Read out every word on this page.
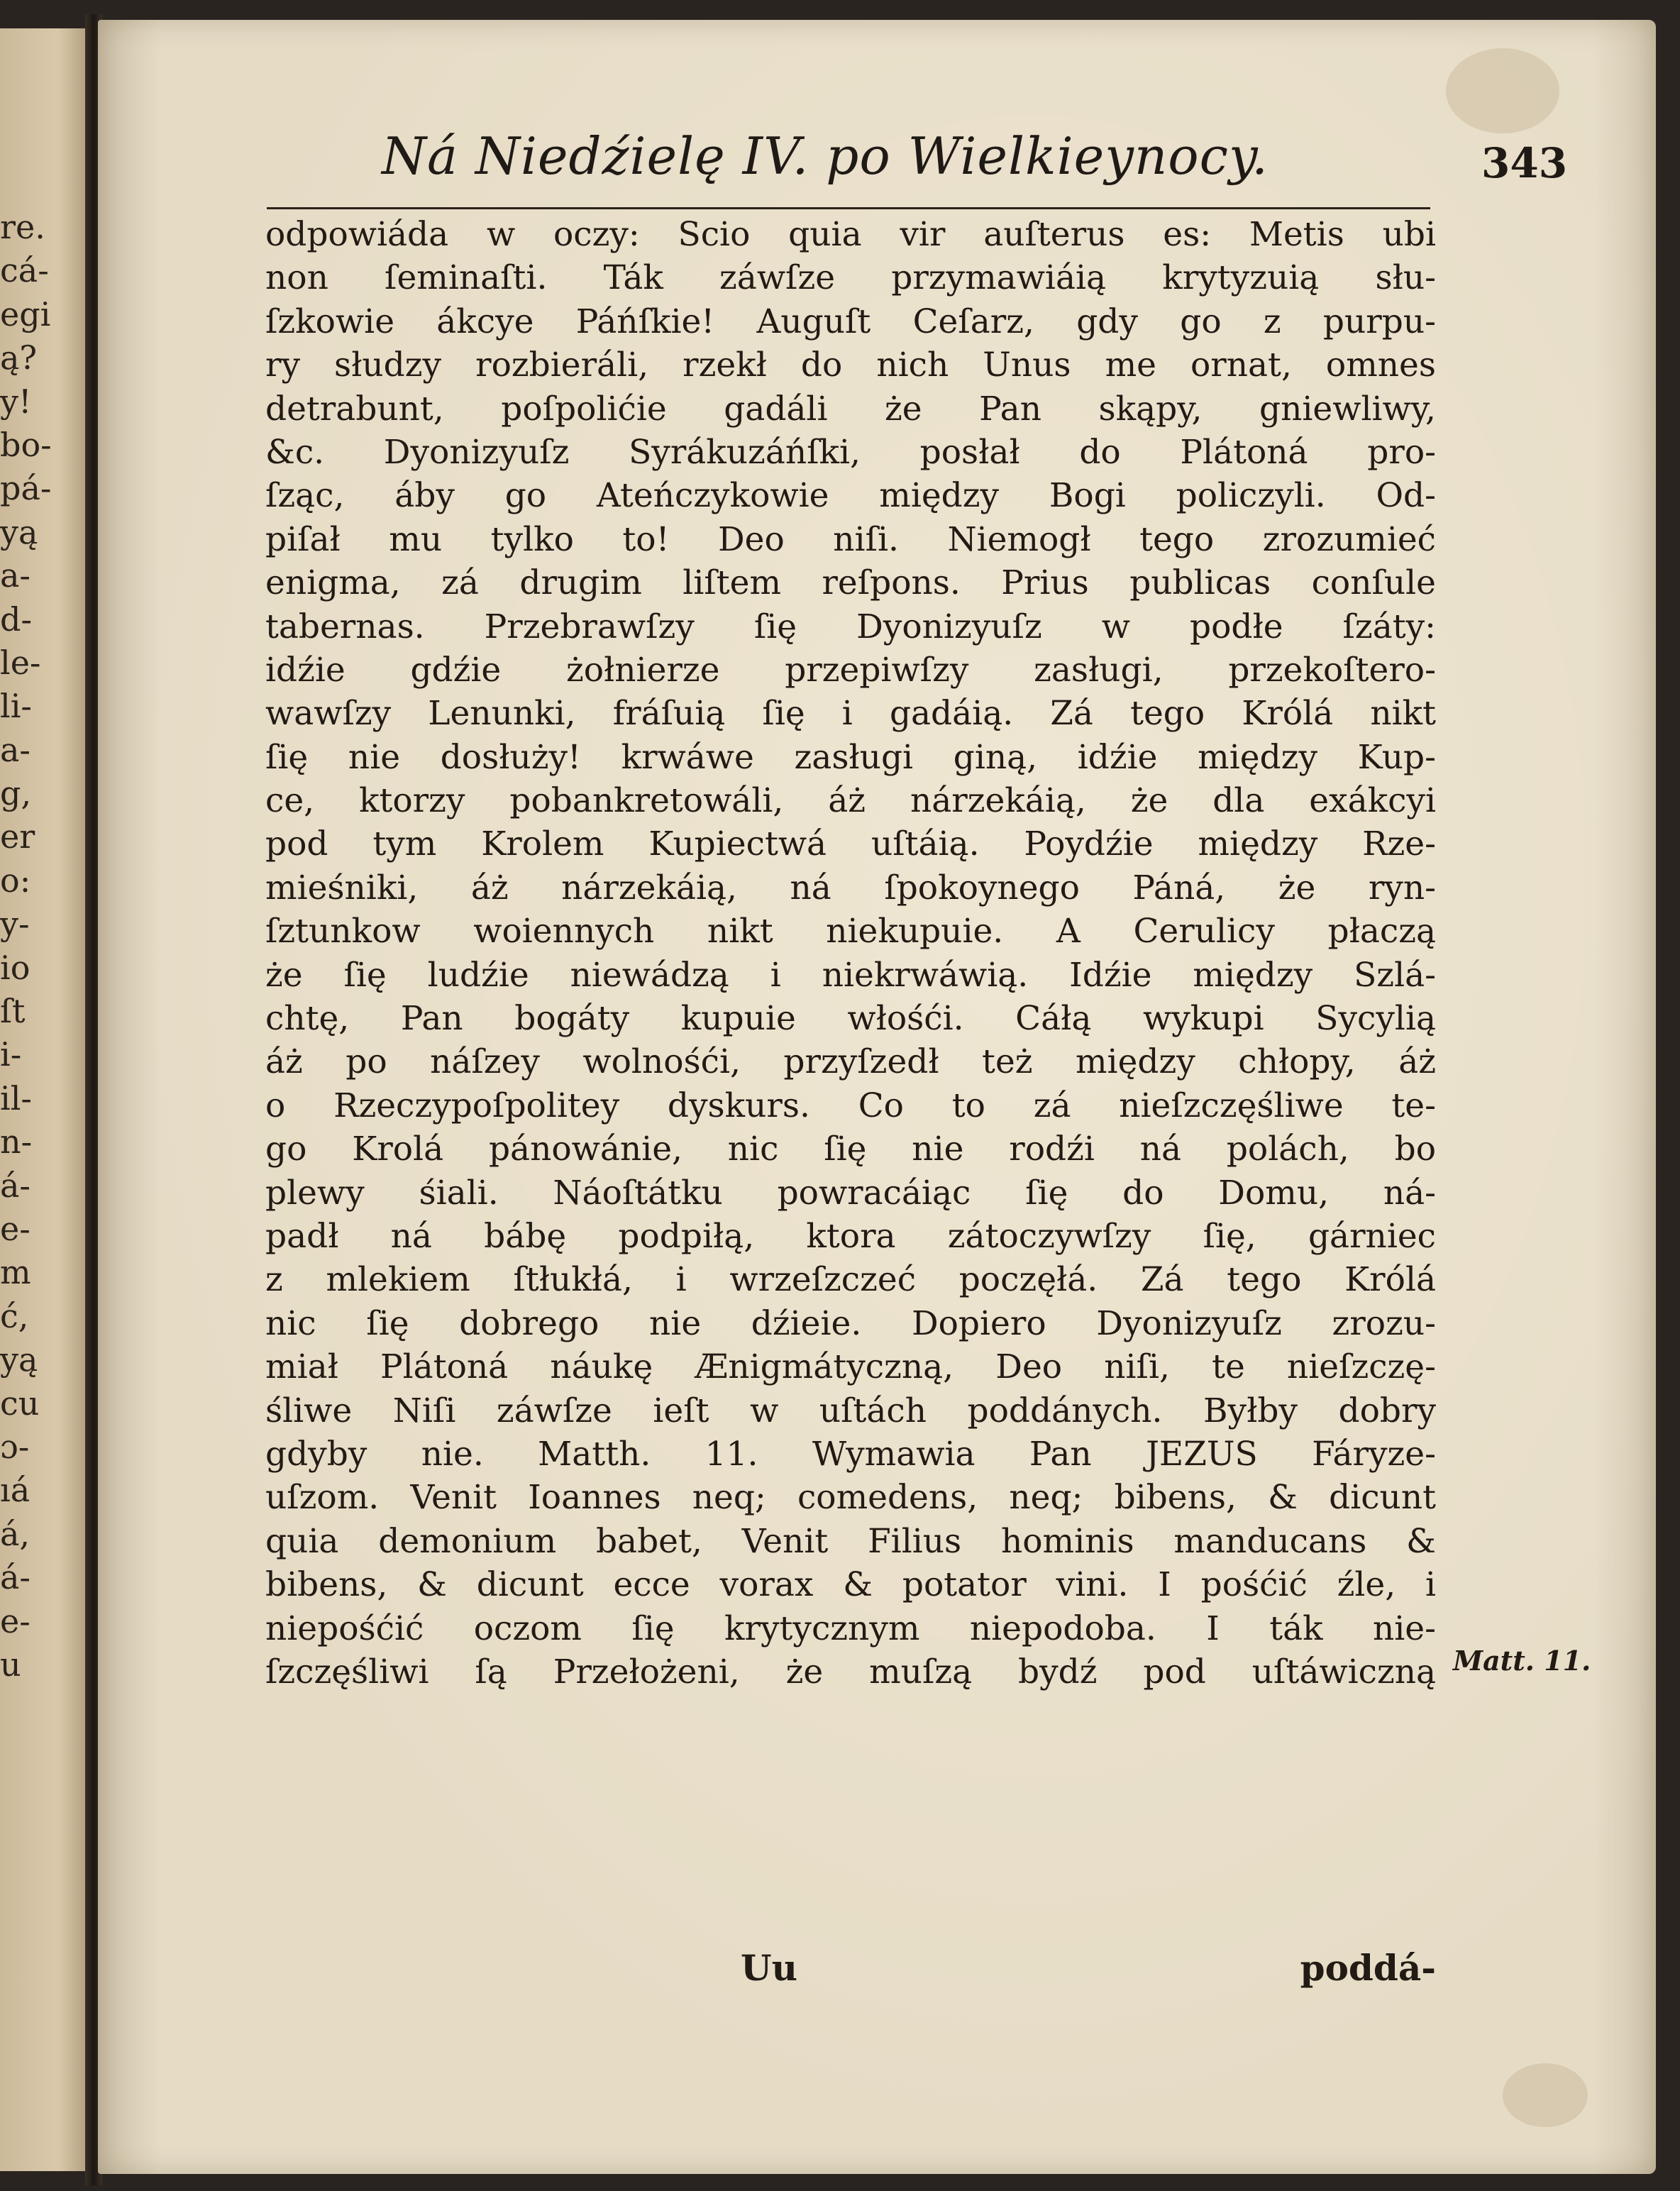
re.
cá-
egi
ą?
y!
bo-
pá-
yą
a-
d-
le-
li-
a-
g,
er
o:
y-
io
ſt
i-
il-
n-
á-
e-
m
ć,
yą
cu
ɔ-
ıá
á,
á-
e-
u
Ná Niedźielę IV. po Wielkieynocy.	343
odpowiáda w oczy: Scio quia vir auſterus es: Metis ubi
non ſeminaſti. Ták záwſze przymawiáią krytyzuią słu-
ſzkowie ákcye Páńſkie! Auguſt Ceſarz, gdy go z purpu-
ry słudzy rozbieráli, rzekł do nich Unus me ornat, omnes
detrabunt, poſpolićie gadáli że Pan skąpy, gniewliwy,
&c. Dyonizyuſz Syrákuzáńſki, posłał do Plátoná pro-
ſząc, áby go Ateńczykowie między Bogi policzyli. Od-
piſał mu tylko to! Deo niſi. Niemogł tego zrozumieć
enigma, zá drugim liſtem reſpons. Prius publicas conſule
tabernas. Przebrawſzy ſię Dyonizyuſz w podłe ſzáty:
idźie gdźie żołnierze przepiwſzy zasługi, przekoſtero-
wawſzy Lenunki, fráſuią ſię i gadáią. Zá tego Królá nikt
ſię nie dosłuży! krwáwe zasługi giną, idźie między Kup-
ce, ktorzy pobankretowáli, áż nárzekáią, że dla exákcyi
pod tym Krolem Kupiectwá uſtáią. Poydźie między Rze-
mieśniki, áż nárzekáią, ná ſpokoynego Páná, że ryn-
ſztunkow woiennych nikt niekupuie. A Cerulicy płaczą
że ſię ludźie niewádzą i niekrwáwią. Idźie między Szlá-
chtę, Pan bogáty kupuie włośći. Cáłą wykupi Sycylią
áż po náſzey wolnośći, przyſzedł też między chłopy, áż
o Rzeczypoſpolitey dyskurs. Co to zá nieſzczęśliwe te-
go Krolá pánowánie, nic ſię nie rodźi ná polách, bo
plewy śiali. Náoſtátku powracáiąc ſię do Domu, ná-
padł ná bábę podpiłą, ktora zátoczywſzy ſię, gárniec
z mlekiem ſtłukłá, i wrzeſzczeć poczęłá. Zá tego Królá
nic ſię dobrego nie dźieie. Dopiero Dyonizyuſz zrozu-
miał Plátoná náukę Ænigmátyczną, Deo niſi, te nieſzczę-
śliwe Niſi záwſze ieſt w uſtách poddánych. Byłby dobry
gdyby nie. Matth. 11. Wymawia Pan JEZUS Fáryze-
uſzom. Venit Ioannes neq; comedens, neq; bibens, & dicunt
quia demonium babet, Venit Filius hominis manducans &
bibens, & dicunt ecce vorax & potator vini. I pośćić źle, i
niepośćić oczom ſię krytycznym niepodoba. I ták nie-
ſzczęśliwi ſą Przełożeni, że muſzą bydź pod uſtáwiczną Matt. 11.
Uu	poddá-
